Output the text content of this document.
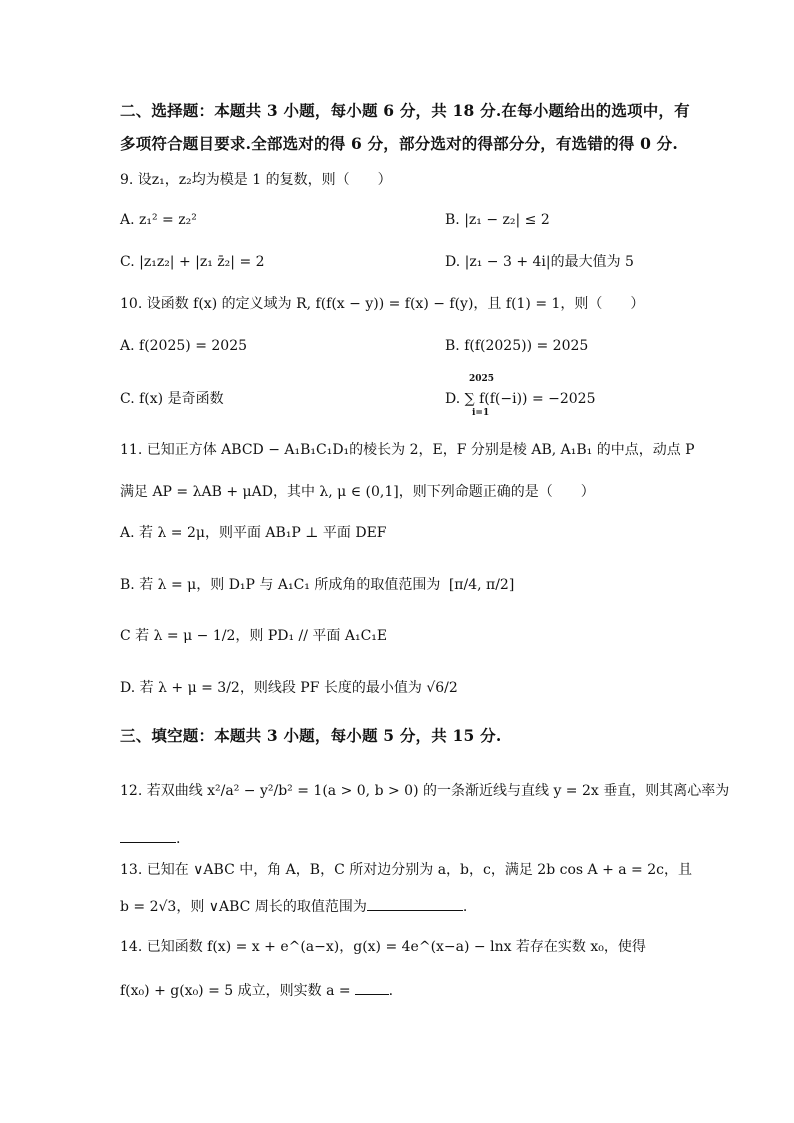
二、选择题：本题共 3 小题，每小题 6 分，共 18 分.在每小题给出的选项中，有
多项符合题目要求.全部选对的得 6 分，部分选对的得部分分，有选错的得 0 分.
9. 设z₁，z₂均为模是 1 的复数，则（　　）
A. z₁² = z₂²	B. |z₁ − z₂| ≤ 2
C. |z₁z₂| + |z₁ z̄₂| = 2	D. |z₁ − 3 + 4i|的最大值为 5
10. 设函数 f(x) 的定义域为 R, f(f(x − y)) = f(x) − f(y)，且 f(1) = 1，则（　　）
A. f(2025) = 2025	B. f(f(2025)) = 2025
C. f(x) 是奇函数	D. ∑ f(f(−i)) = −2025
2025
i=1
11. 已知正方体 ABCD − A₁B₁C₁D₁的棱长为 2，E，F 分别是棱 AB, A₁B₁ 的中点，动点 P
满足 AP = λAB + μAD，其中 λ, μ ∈ (0,1]，则下列命题正确的是（　　）
A. 若 λ = 2μ，则平面 AB₁P ⊥ 平面 DEF
B. 若 λ = μ，则 D₁P 与 A₁C₁ 所成角的取值范围为 [π/4, π/2]
C 若 λ = μ − 1/2，则 PD₁ // 平面 A₁C₁E
D. 若 λ + μ = 3/2，则线段 PF 长度的最小值为 √6/2
三、填空题：本题共 3 小题，每小题 5 分，共 15 分.
12. 若双曲线 x²/a² − y²/b² = 1(a > 0, b > 0) 的一条渐近线与直线 y = 2x 垂直，则其离心率为
.
13. 已知在 ∨ABC 中，角 A，B，C 所对边分别为 a，b，c，满足 2b cos A + a = 2c，且
b = 2√3，则 ∨ABC 周长的取值范围为	.
14. 已知函数 f(x) = x + e^(a−x)，g(x) = 4e^(x−a) − lnx 若存在实数 x₀，使得
f(x₀) + g(x₀) = 5 成立，则实数 a =	.
